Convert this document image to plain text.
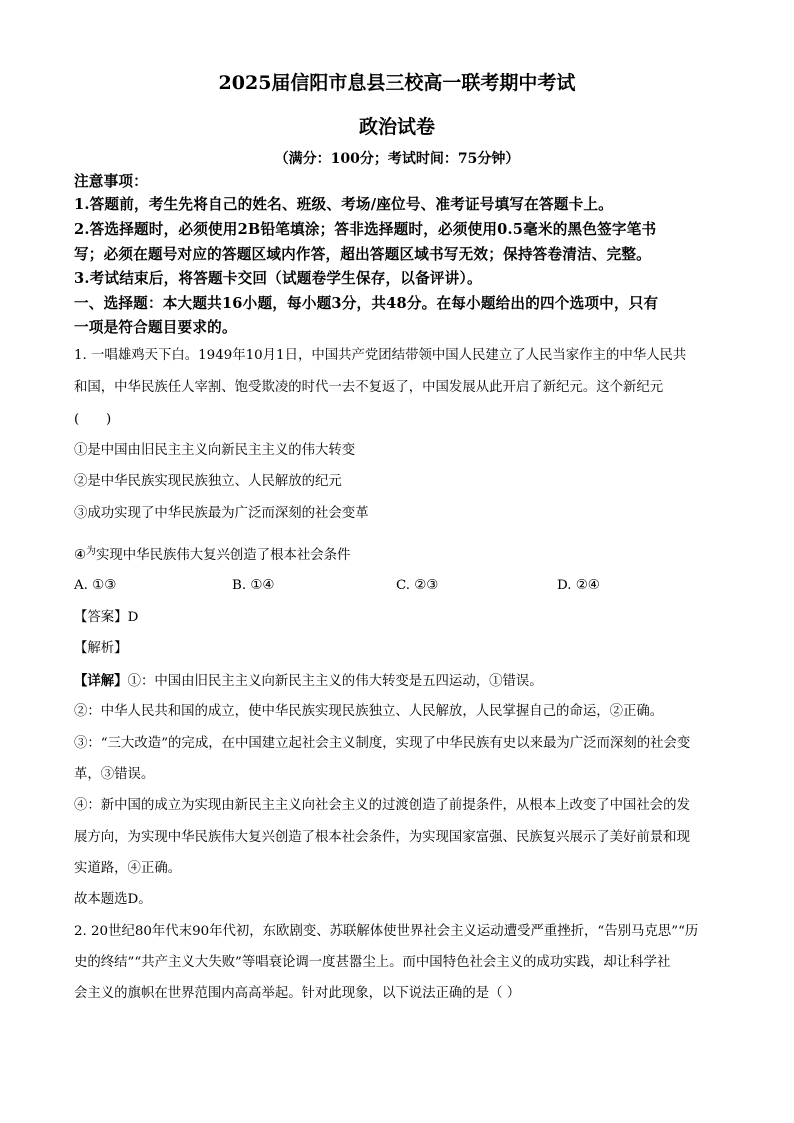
2025届信阳市息县三校高一联考期中考试
政治试卷
（满分：100分；考试时间：75分钟）
注意事项：
1.答题前，考生先将自己的姓名、班级、考场/座位号、准考证号填写在答题卡上。
2.答选择题时，必须使用2B铅笔填涂；答非选择题时，必须使用0.5毫米的黑色签字笔书
写；必须在题号对应的答题区域内作答，超出答题区域书写无效；保持答卷清洁、完整。
3.考试结束后，将答题卡交回（试题卷学生保存，以备评讲）。
一、选择题：本大题共16小题，每小题3分，共48分。在每小题给出的四个选项中，只有
一项是符合题目要求的。
1. 一唱雄鸡天下白。1949年10月1日，中国共产党团结带领中国人民建立了人民当家作主的中华人民共
和国，中华民族任人宰割、饱受欺凌的时代一去不复返了，中国发展从此开启了新纪元。这个新纪元
(　　)
①是中国由旧民主主义向新民主主义的伟大转变
②是中华民族实现民族独立、人民解放的纪元
③成功实现了中华民族最为广泛而深刻的社会变革
④$^为$实现中华民族伟大复兴创造了根本社会条件
A. ①③	B. ①④	C. ②③	D. ②④
【答案】D
【解析】
【详解】①：中国由旧民主主义向新民主主义的伟大转变是五四运动，①错误。
②：中华人民共和国的成立，使中华民族实现民族独立、人民解放，人民掌握自己的命运，②正确。
③：“三大改造”的完成，在中国建立起社会主义制度，实现了中华民族有史以来最为广泛而深刻的社会变
革，③错误。
④：新中国的成立为实现由新民主主义向社会主义的过渡创造了前提条件，从根本上改变了中国社会的发
展方向，为实现中华民族伟大复兴创造了根本社会条件，为实现国家富强、民族复兴展示了美好前景和现
实道路，④正确。
故本题选D。
2. 20世纪80年代末90年代初，东欧剧变、苏联解体使世界社会主义运动遭受严重挫折，“告别马克思”“历
史的终结”“共产主义大失败”等唱衰论调一度甚嚣尘上。而中国特色社会主义的成功实践，却让科学社
会主义的旗帜在世界范围内高高举起。针对此现象，以下说法正确的是（ ）
